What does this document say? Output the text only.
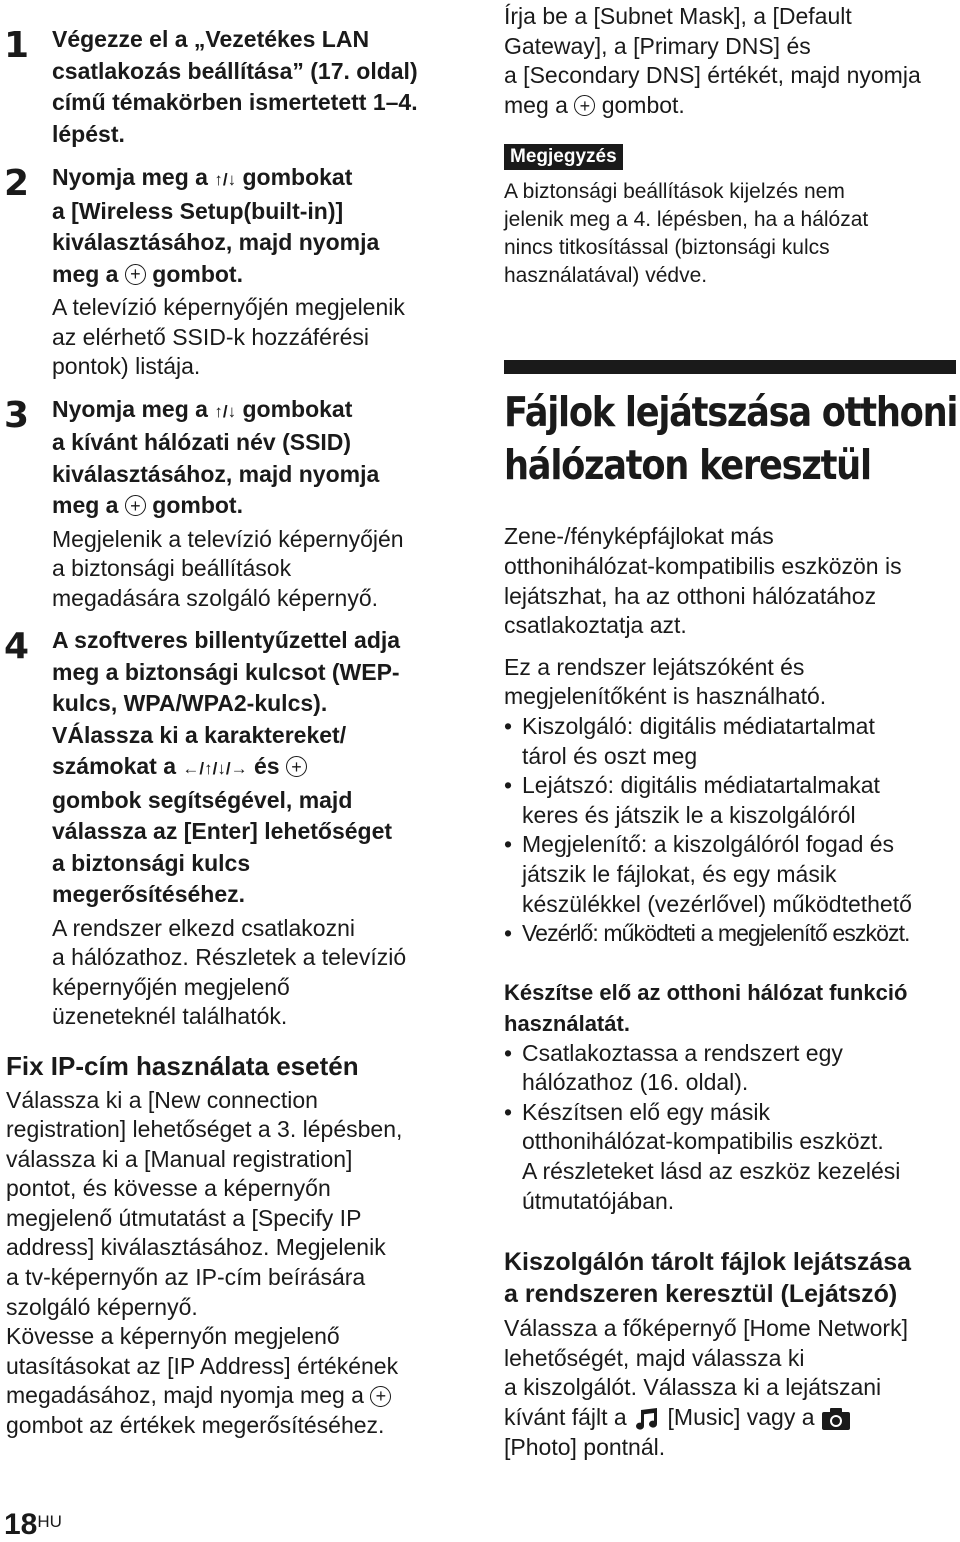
1 Végezze el a „Vezetékes LAN
csatlakozás beállítása” (17. oldal)
című témakörben ismertetett 1–4.
lépést.
2 Nyomja meg a ↑/↓ gombokat
a [Wireless Setup(built-in)]
kiválasztásához, majd nyomja
meg a + gombot.
A televízió képernyőjén megjelenik
az elérhető SSID-k hozzáférési
pontok) listája.
3 Nyomja meg a ↑/↓ gombokat
a kívánt hálózati név (SSID)
kiválasztásához, majd nyomja
meg a + gombot.
Megjelenik a televízió képernyőjén
a biztonsági beállítások
megadására szolgáló képernyő.
4 A szoftveres billentyűzettel adja
meg a biztonsági kulcsot (WEP-
kulcs, WPA/WPA2-kulcs).
VÁlassza ki a karaktereket/
számokat a ←/↑/↓/→ és +
gombok segítségével, majd
válassza az [Enter] lehetőséget
a biztonsági kulcs
megerősítéséhez.
A rendszer elkezd csatlakozni
a hálózathoz. Részletek a televízió
képernyőjén megjelenő
üzeneteknél találhatók.
Fix IP-cím használata esetén
Válassza ki a [New connection
registration] lehetőséget a 3. lépésben,
válassza ki a [Manual registration]
pontot, és kövesse a képernyőn
megjelenő útmutatást a [Specify IP
address] kiválasztásához. Megjelenik
a tv-képernyőn az IP-cím beírására
szolgáló képernyő.
Kövesse a képernyőn megjelenő
utasításokat az [IP Address] értékének
megadásához, majd nyomja meg a +
gombot az értékek megerősítéséhez.
Írja be a [Subnet Mask], a [Default
Gateway], a [Primary DNS] és
a [Secondary DNS] értékét, majd nyomja
meg a + gombot.
Megjegyzés
A biztonsági beállítások kijelzés nem
jelenik meg a 4. lépésben, ha a hálózat
nincs titkosítással (biztonsági kulcs
használatával) védve.
Fájlok lejátszása otthoni
hálózaton keresztül
Zene-/fényképfájlokat más
otthonihálózat-kompatibilis eszközön is
lejátszhat, ha az otthoni hálózatához
csatlakoztatja azt.
Ez a rendszer lejátszóként és
megjelenítőként is használható.
• Kiszolgáló: digitális médiatartalmat
tárol és oszt meg
• Lejátszó: digitális médiatartalmakat
keres és játszik le a kiszolgálóról
• Megjelenítő: a kiszolgálóról fogad és
játszik le fájlokat, és egy másik
készülékkel (vezérlővel) működtethető
• Vezérlő: működteti a megjelenítő eszközt.
Készítse elő az otthoni hálózat funkció
használatát.
• Csatlakoztassa a rendszert egy
hálózathoz (16. oldal).
• Készítsen elő egy másik
otthonihálózat-kompatibilis eszközt.
A részleteket lásd az eszköz kezelési
útmutatójában.
Kiszolgálón tárolt fájlok lejátszása
a rendszeren keresztül (Lejátszó)
Válassza a főképernyő [Home Network]
lehetőségét, majd válassza ki
a kiszolgálót. Válassza ki a lejátszani
kívánt fájlt a [Music] vagy a
[Photo] pontnál.
$18^{HU}$
